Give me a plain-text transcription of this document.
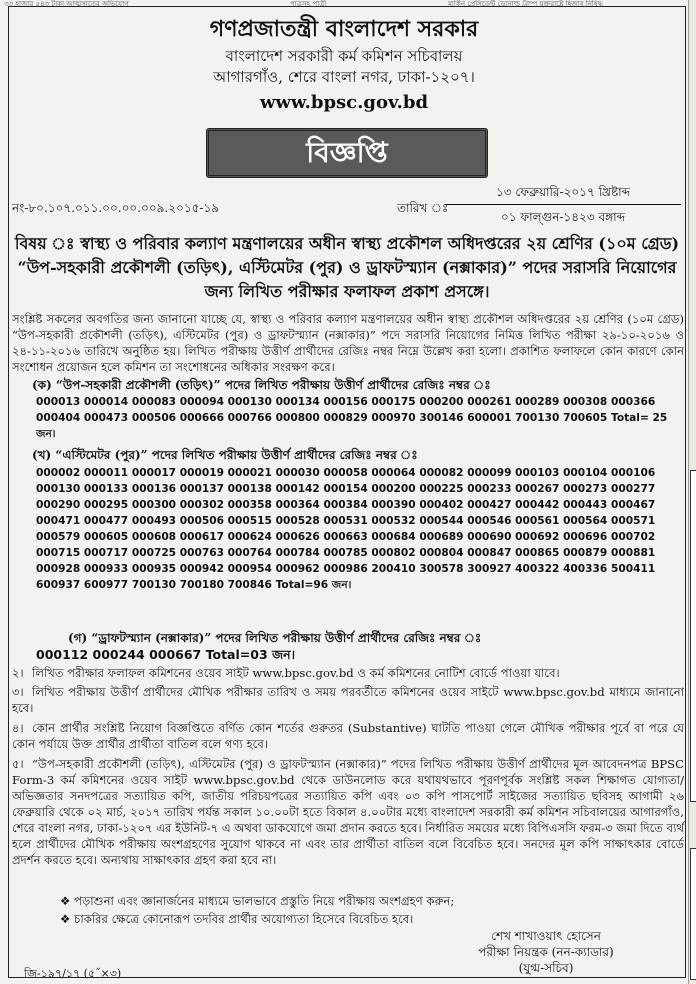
৩৩ হাজার ৫৪৩ টাকা আত্মসাতের অভিযোগ	পাত্রসহ পাত্রী	মার্কিন প্রেসিডেন্ট ডোনাল্ড ট্রাম্প যুক্তরাষ্ট্রে হিজাব নিষিদ্ধ
গণপ্রজাতন্ত্রী বাংলাদেশ সরকার
বাংলাদেশ সরকারী কর্ম কমিশন সচিবালয়
আগারগাঁও, শেরে বাংলা নগর, ঢাকা-১২০৭।
www.bpsc.gov.bd
বিজ্ঞপ্তি
নং-৮০.১০৭.০১১.০০.০০.০০৯.২০১৫-১৯	তারিখ ঃ
১৩ ফেব্রুয়ারি-২০১৭ খ্রিষ্টাব্দ
০১ ফাল্গুন-১৪২৩ বঙ্গাব্দ
বিষয় ঃ স্বাস্থ্য ও পরিবার কল্যাণ মন্ত্রণালয়ের অধীন স্বাস্থ্য প্রকৌশল অধিদপ্তরের ২য় শ্রেণির (১০ম গ্রেড) “উপ-সহকারী প্রকৌশলী (তড়িৎ), এস্টিমেটর (পুর) ও ড্রাফটস্ম্যান (নক্সাকার)” পদের সরাসরি নিয়োগের জন্য লিখিত পরীক্ষার ফলাফল প্রকাশ প্রসঙ্গে।
সংশ্লিষ্ট সকলের অবগতির জন্য জানানো যাচ্ছে যে, স্বাস্থ্য ও পরিবার কল্যাণ মন্ত্রণালয়ের অধীন স্বাস্থ্য প্রকৌশল অধিদপ্তরের ২য় শ্রেণির (১০ম গ্রেড) “উপ-সহকারী প্রকৌশলী (তড়িৎ), এস্টিমেটর (পুর) ও ড্রাফটস্ম্যান (নক্সাকার)” পদে সরাসরি নিয়োগের নিমিত্ত লিখিত পরীক্ষা ২৯-১০-২০১৬ ও ২৪-১১-২০১৬ তারিখে অনুষ্ঠিত হয়। লিখিত পরীক্ষায় উত্তীর্ণ প্রার্থীদের রেজিঃ নম্বর নিম্নে উল্লেখ করা হলো। প্রকাশিত ফলাফলে কোন কারণে কোন সংশোধন প্রয়োজন হলে কমিশন তা সংশোধনের অধিকার সংরক্ষণ করে।
(ক) “উপ-সহকারী প্রকৌশলী (তড়িৎ)” পদের লিখিত পরীক্ষায় উত্তীর্ণ প্রার্থীদের রেজিঃ নম্বর ঃ
000013 000014 000083 000094 000130 000134 000156 000175 000200 000261 000289 000308 000366 000404 000473 000506 000666 000766 000800 000829 000970 300146 600001 700130 700605 Total= 25 জন।
(খ) “এস্টিমেটর (পুর)” পদের লিখিত পরীক্ষায় উত্তীর্ণ প্রার্থীদের রেজিঃ নম্বর ঃ
000002 000011 000017 000019 000021 000030 000058 000064 000082 000099 000103 000104 000106 000130 000133 000136 000137 000138 000142 000154 000200 000225 000233 000267 000273 000277 000290 000295 000300 000302 000358 000364 000384 000390 000402 000427 000442 000443 000467 000471 000477 000493 000506 000515 000528 000531 000532 000544 000546 000561 000564 000571 000579 000605 000608 000617 000624 000626 000663 000684 000689 000690 000692 000696 000702 000715 000717 000725 000763 000764 000784 000785 000802 000804 000847 000865 000879 000881 000928 000933 000935 000942 000954 000962 000986 200410 300578 300927 400322 400336 500411 600937 600977 700130 700180 700846 Total=96 জন।
(গ) “ড্রাফটস্ম্যান (নক্সাকার)” পদের লিখিত পরীক্ষায় উত্তীর্ণ প্রার্থীদের রেজিঃ নম্বর ঃ
000112 000244 000667 Total=03 জন।
২। লিখিত পরীক্ষার ফলাফল কমিশনের ওয়েব সাইট www.bpsc.gov.bd ও কর্ম কমিশনের নোটিশ বোর্ডে পাওয়া যাবে।
৩। লিখিত পরীক্ষায় উত্তীর্ণ প্রার্থীদের মৌখিক পরীক্ষার তারিখ ও সময় পরবর্তীতে কমিশনের ওয়েব সাইটে www.bpsc.gov.bd মাধ্যমে জানানো হবে।
৪। কোন প্রার্থীর সংশ্লিষ্ট নিয়োগ বিজ্ঞপ্তিতে বর্ণিত কোন শর্তের গুরুতর (Substantive) ঘাটতি পাওয়া গেলে মৌখিক পরীক্ষার পূর্বে বা পরে যে কোন পর্যায়ে উক্ত প্রার্থীর প্রার্থীতা বাতিল বলে গণ্য হবে।
৫। “উপ-সহকারী প্রকৌশলী (তড়িৎ), এস্টিমেটর (পুর) ও ড্রাফটস্ম্যান (নক্সাকার)” পদের লিখিত পরীক্ষায় উত্তীর্ণ প্রার্থীদের মূল আবেদনপত্র BPSC Form-3 কর্ম কমিশনের ওয়েব সাইট www.bpsc.gov.bd থেকে ডাউনলোড করে যথাযথভাবে পূরণপূর্বক সংশ্লিষ্ট সকল শিক্ষাগত যোগ্যতা/অভিজ্ঞতার সনদপত্রের সত্যায়িত কপি, জাতীয় পরিচয়পত্রের সত্যায়িত কপি এবং ০৩ কপি পাসপোর্ট সাইজের সত্যায়িত ছবিসহ আগামী ২৬ ফেব্রুয়ারি থেকে ০২ মার্চ, ২০১৭ তারিখ পর্যন্ত সকাল ১০.০০টা হতে বিকাল ৪.০০টার মধ্যে বাংলাদেশ সরকারী কর্ম কমিশন সচিবালয়ের আগারগাঁও, শেরে বাংলা নগর, ঢাকা-১২০৭ এর ইউনিট-৭ এ অথবা ডাকযোগে জমা প্রদান করতে হবে। নির্ধারিত সময়ের মধ্যে বিপিএসসি ফরম-৩ জমা দিতে ব্যর্থ হলে প্রার্থীদের মৌখিক পরীক্ষায় অংশগ্রহণের সুযোগ থাকবে না এবং তার প্রার্থীতা বাতিল বলে বিবেচিত হবে। সনদের মূল কপি সাক্ষাৎকার বোর্ডে প্রদর্শন করতে হবে। অন্যথায় সাক্ষাৎকার গ্রহণ করা হবে না।
❖ পড়াশুনা এবং জ্ঞানার্জনের মাধ্যমে ভালভাবে প্রস্তুতি নিয়ে পরীক্ষায় অংশগ্রহণ করুন;
❖ চাকরির ক্ষেত্রে কোনোরূপ তদবির প্রার্থীর অযোগ্যতা হিসেবে বিবেচিত হবে।
শেখ শাখাওয়াৎ হোসেন
পরীক্ষা নিয়ন্ত্রক (নন-ক্যাডার)
(যুগ্ম-সচিব)
জি-১৯৭/১৭ (৫˝×৩)
